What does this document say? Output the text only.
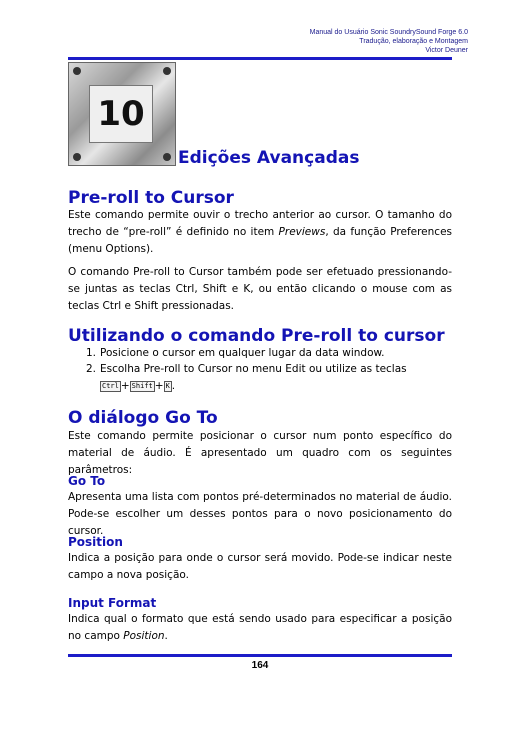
Manual do Usuário Sonic SoundrySound Forge 6.0
Tradução, elaboração e Montagem
Victor Deuner
10
Edições Avançadas
Pre-roll to Cursor
Este comando permite ouvir o trecho anterior ao cursor. O tamanho do trecho de “pre-roll” é definido no item Previews, da função Preferences (menu Options).
O comando Pre-roll to Cursor também pode ser efetuado pressionando-se juntas as teclas Ctrl, Shift e K, ou então clicando o mouse com as teclas Ctrl e Shift pressionadas.
Utilizando o comando Pre-roll to cursor
1. Posicione o cursor em qualquer lugar da data window.
2. Escolha Pre-roll to Cursor no menu Edit ou utilize as teclas
Ctrl + Shift + K .
O diálogo Go To
Este comando permite posicionar o cursor num ponto específico do material de áudio. É apresentado um quadro com os seguintes parâmetros:
Go To
Apresenta uma lista com pontos pré-determinados no material de áudio. Pode-se escolher um desses pontos para o novo posicionamento do cursor.
Position
Indica a posição para onde o cursor será movido. Pode-se indicar neste campo a nova posição.
Input Format
Indica qual o formato que está sendo usado para especificar a posição no campo Position.
164
